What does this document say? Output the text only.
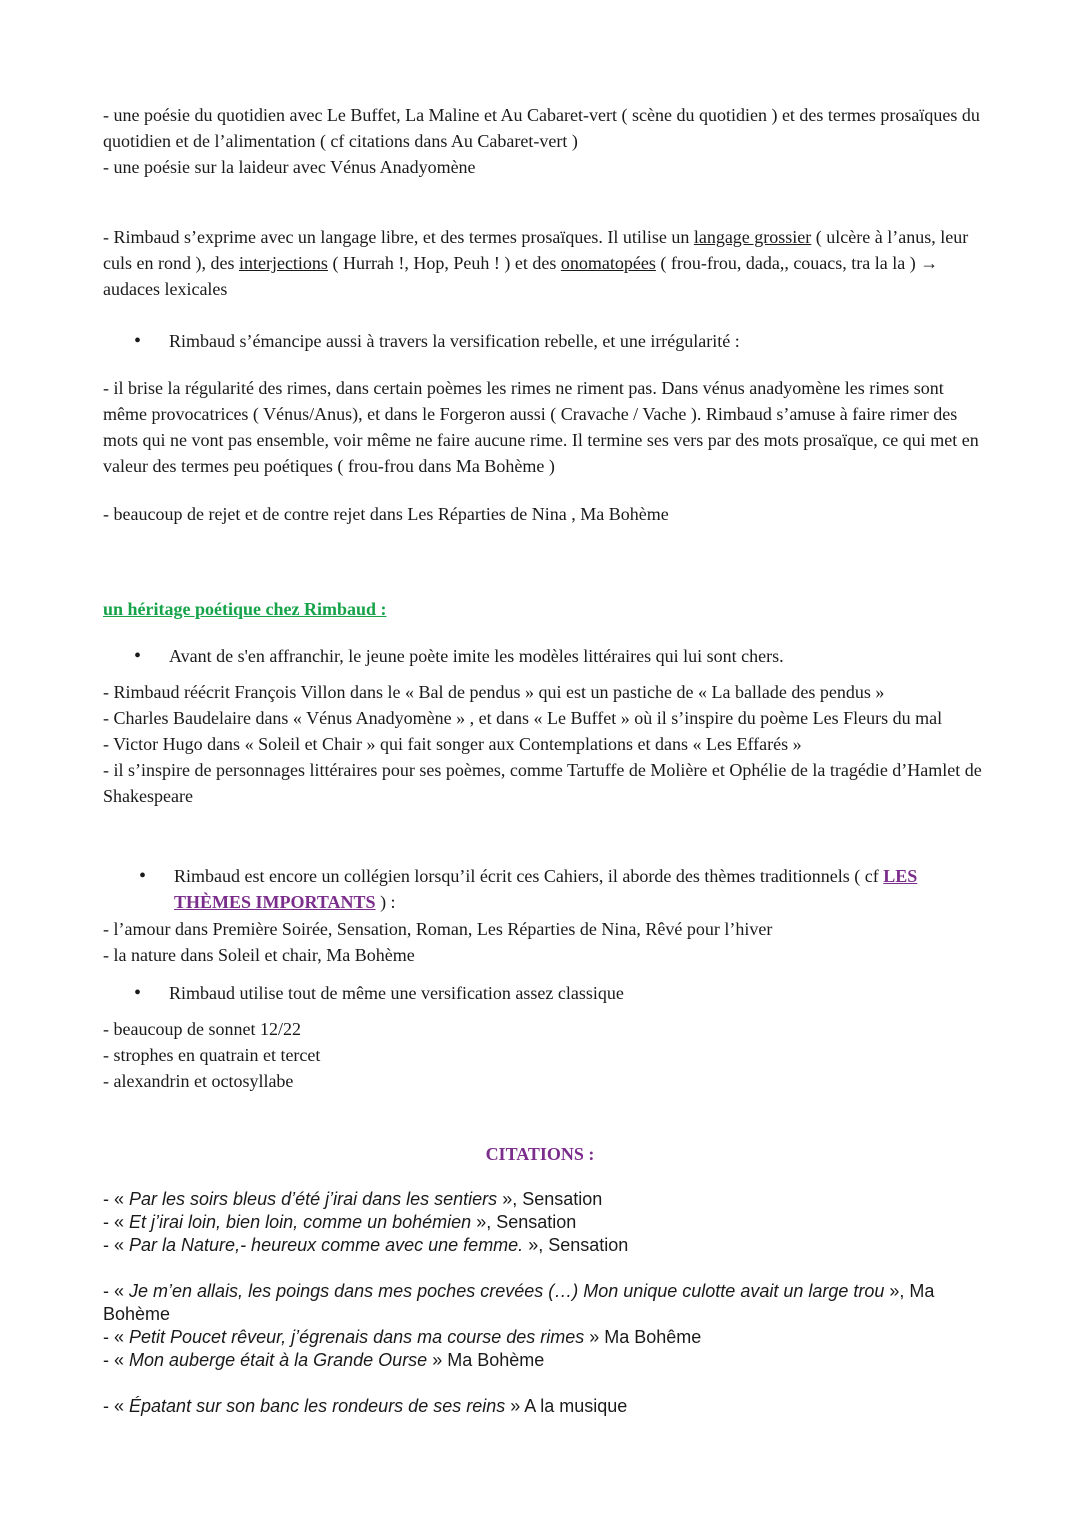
- une poésie du quotidien avec Le Buffet, La Maline et Au Cabaret-vert ( scène du quotidien ) et des termes prosaïques du quotidien et de l’alimentation ( cf citations dans Au Cabaret-vert )
- une poésie sur la laideur avec Vénus Anadyomène

- Rimbaud s’exprime avec un langage libre, et des termes prosaïques. Il utilise un langage grossier ( ulcère à l’anus, leur culs en rond ), des interjections ( Hurrah !, Hop, Peuh ! ) et des onomatopées ( frou-frou, dada,, couacs, tra la la ) → audaces lexicales

•	Rimbaud s’émancipe aussi à travers la versification rebelle, et une irrégularité :

- il brise la régularité des rimes, dans certain poèmes les rimes ne riment pas. Dans vénus anadyomène les rimes sont même provocatrices ( Vénus/Anus), et dans le Forgeron aussi ( Cravache / Vache ). Rimbaud s’amuse à faire rimer des mots qui ne vont pas ensemble, voir même ne faire aucune rime. Il termine ses vers par des mots prosaïque, ce qui met en valeur des termes peu poétiques ( frou-frou dans Ma Bohème )

- beaucoup de rejet et de contre rejet dans Les Réparties de Nina , Ma Bohème

un héritage poétique chez Rimbaud :

•	Avant de s'en affranchir, le jeune poète imite les modèles littéraires qui lui sont chers.

- Rimbaud réécrit François Villon dans le « Bal de pendus » qui est un pastiche de « La ballade des pendus »
- Charles Baudelaire dans « Vénus Anadyomène » , et dans « Le Buffet » où il s’inspire du poème Les Fleurs du mal
- Victor Hugo dans « Soleil et Chair » qui fait songer aux Contemplations et dans « Les Effarés »
- il s’inspire de personnages littéraires pour ses poèmes, comme Tartuffe de Molière et Ophélie de la tragédie d’Hamlet de Shakespeare

•	Rimbaud est encore un collégien lorsqu’il écrit ces Cahiers, il aborde des thèmes traditionnels ( cf LES THÈMES IMPORTANTS ) :

- l’amour dans Première Soirée, Sensation, Roman, Les Réparties de Nina, Rêvé pour l’hiver
- la nature dans Soleil et chair, Ma Bohème

•	Rimbaud utilise tout de même une versification assez classique

- beaucoup de sonnet 12/22
- strophes en quatrain et tercet
- alexandrin et octosyllabe

CITATIONS :

- « Par les soirs bleus d’été j’irai dans les sentiers », Sensation
- « Et j’irai loin, bien loin, comme un bohémien », Sensation
- « Par la Nature,- heureux comme avec une femme. », Sensation

- « Je m’en allais, les poings dans mes poches crevées (…) Mon unique culotte avait un large trou », Ma Bohème
- « Petit Poucet rêveur, j’égrenais dans ma course des rimes » Ma Bohême
- « Mon auberge était à la Grande Ourse » Ma Bohème

- « Épatant sur son banc les rondeurs de ses reins » A la musique
